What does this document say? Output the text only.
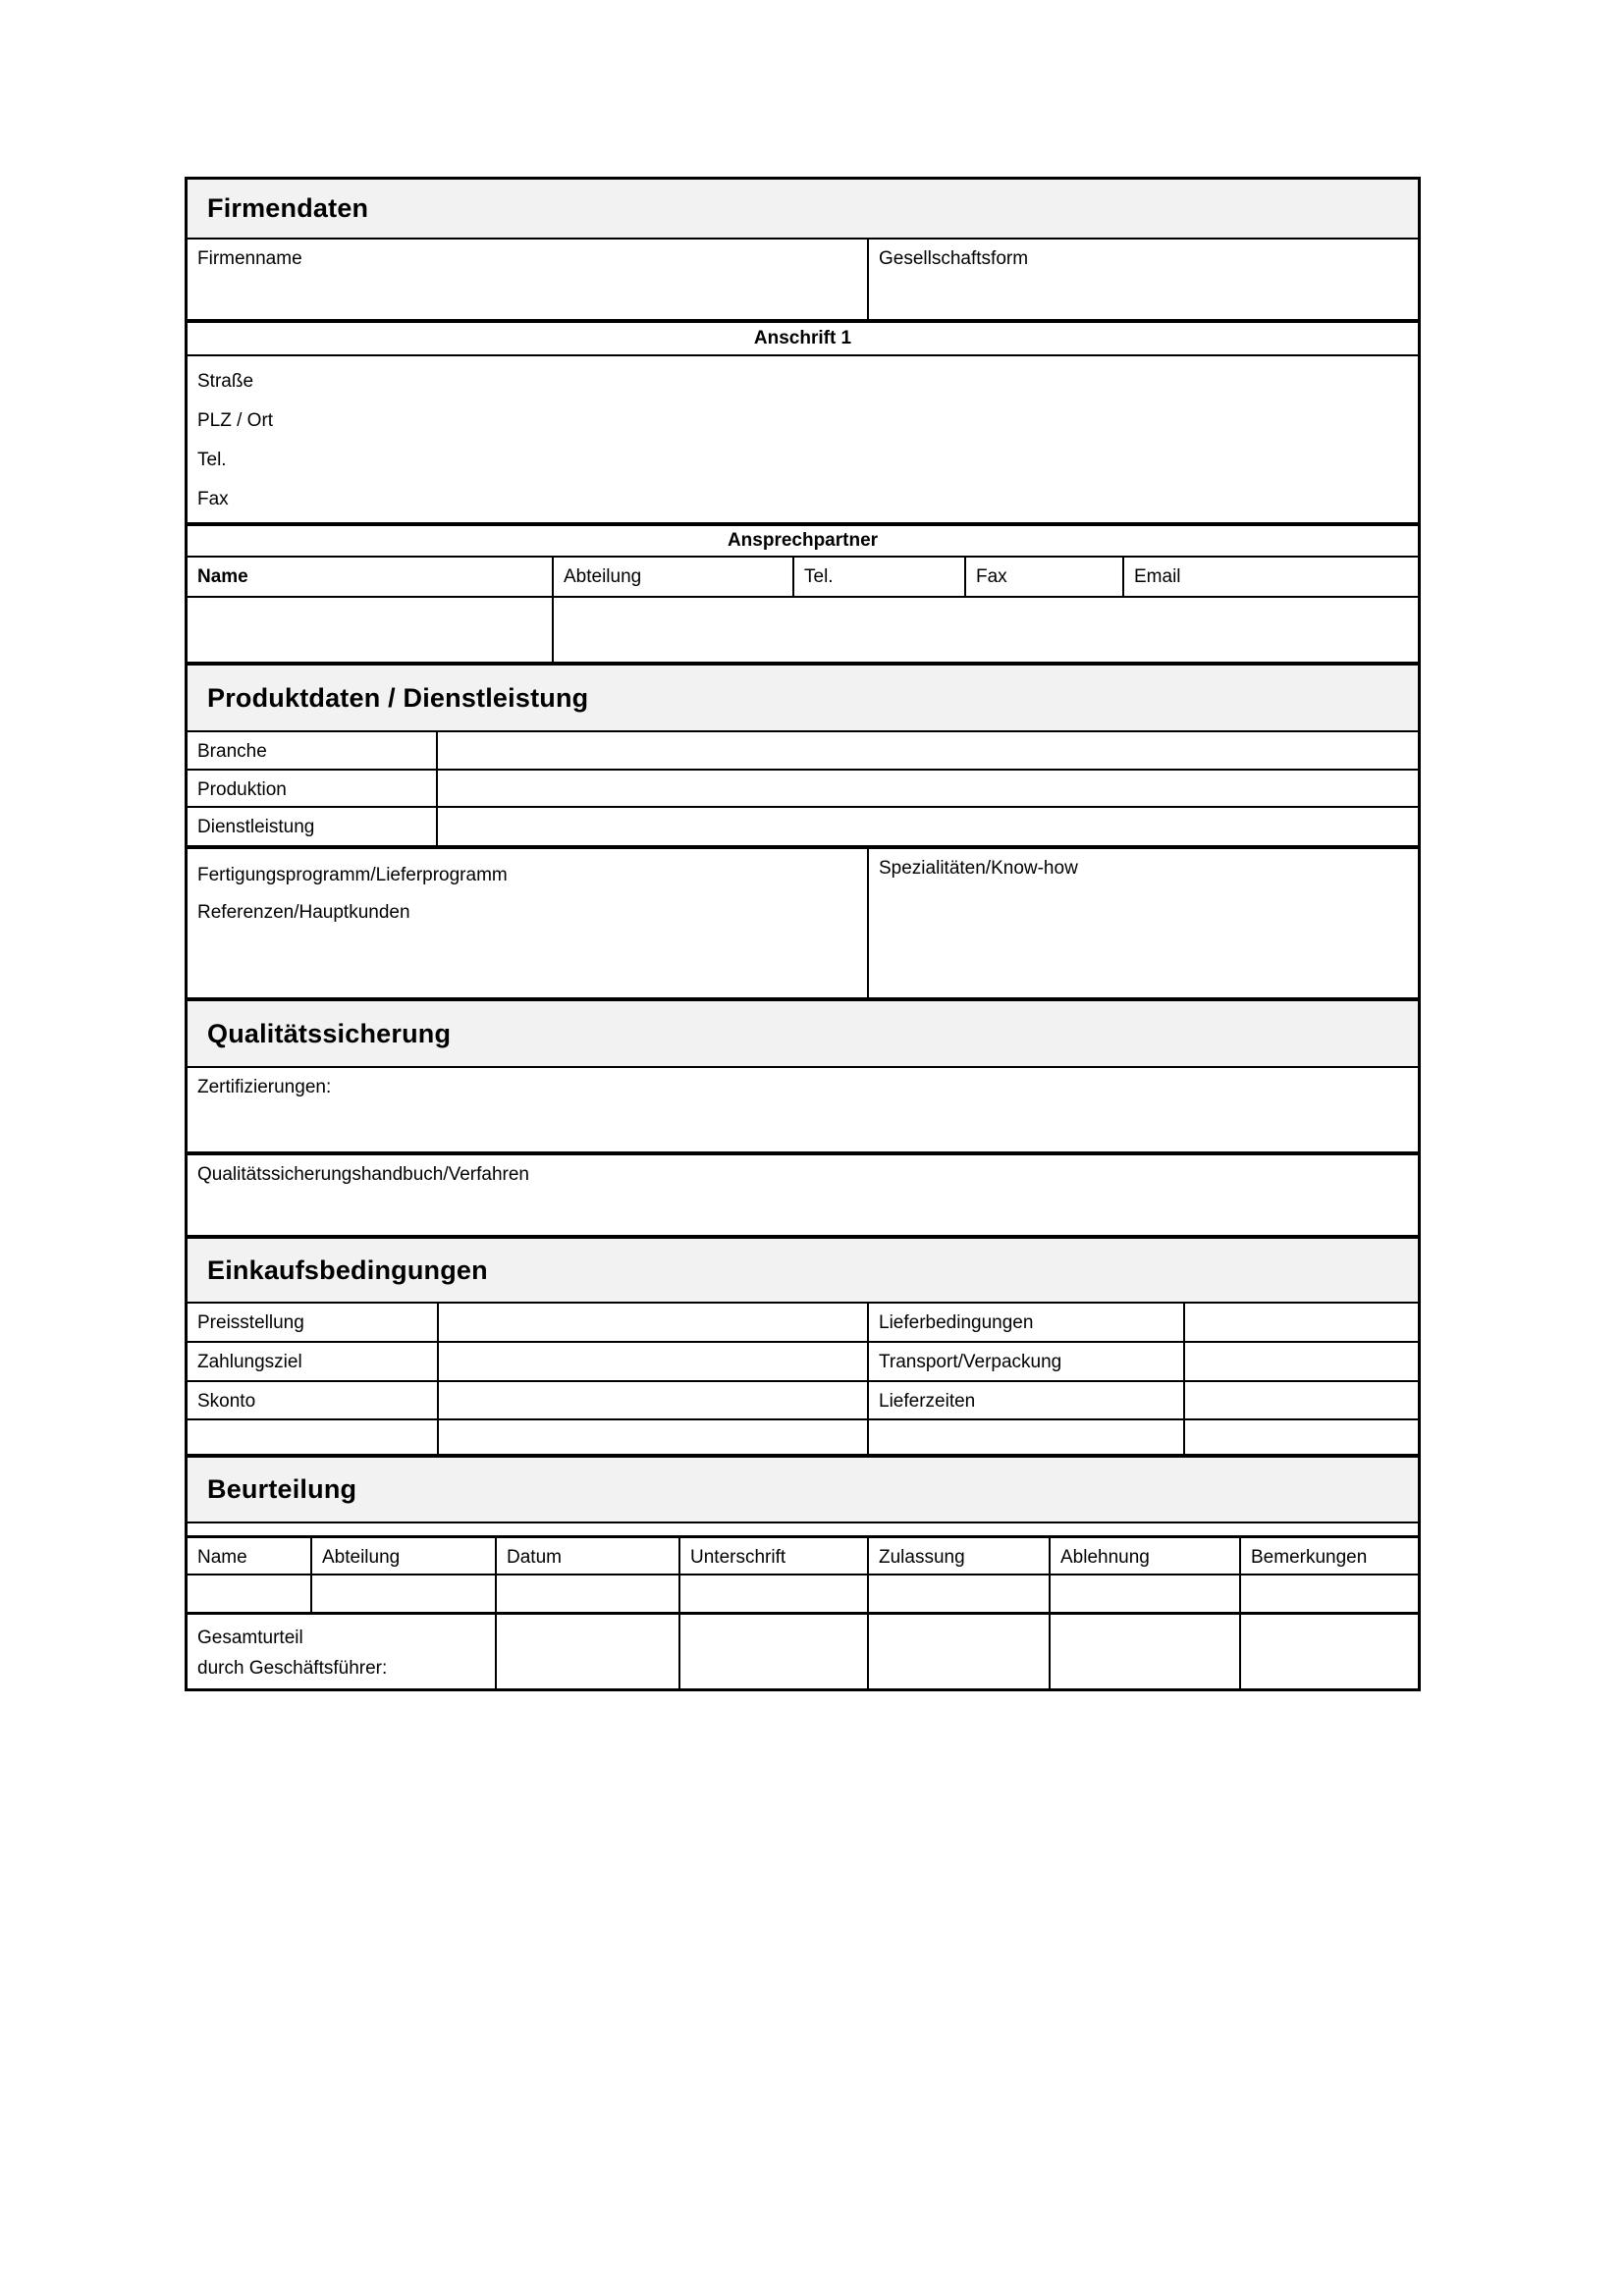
Firmendaten
Firmenname	Gesellschaftsform
Anschrift 1
Straße
PLZ / Ort
Tel.
Fax
Ansprechpartner
Name	Abteilung	Tel.	Fax	Email
Produktdaten / Dienstleistung
Branche
Produktion
Dienstleistung
Fertigungsprogramm/Lieferprogramm
Referenzen/Hauptkunden
Spezialitäten/Know-how
Qualitätssicherung
Zertifizierungen:
Qualitätssicherungshandbuch/Verfahren
Einkaufsbedingungen
Preisstellung	Lieferbedingungen
Zahlungsziel	Transport/Verpackung
Skonto	Lieferzeiten
Beurteilung
Name	Abteilung	Datum	Unterschrift	Zulassung	Ablehnung	Bemerkungen
Gesamturteil
durch Geschäftsführer:
